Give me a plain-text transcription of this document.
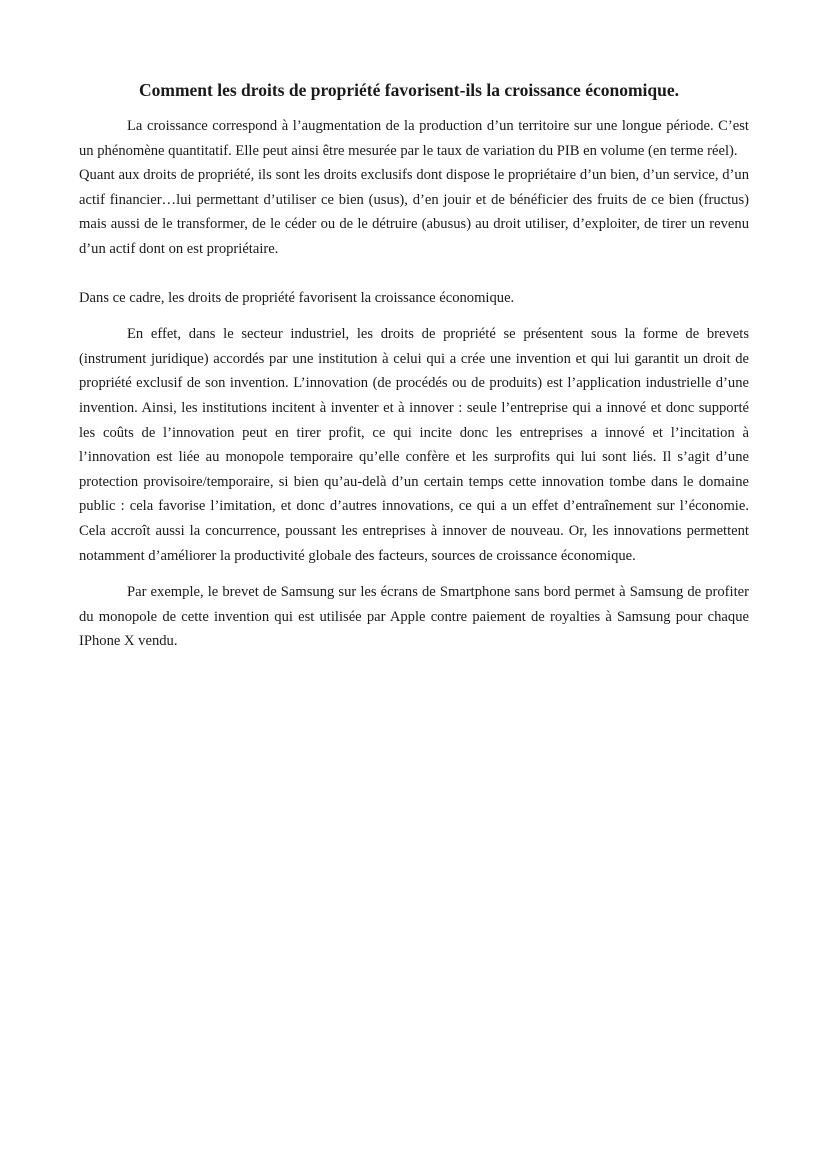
Comment les droits de propriété favorisent-ils la croissance économique.

La croissance correspond à l’augmentation de la production d’un territoire sur une longue période. C’est un phénomène quantitatif. Elle peut ainsi être mesurée par le taux de variation du PIB en volume (en terme réel).

Quant aux droits de propriété, ils sont les droits exclusifs dont dispose le propriétaire d’un bien, d’un service, d’un actif financier…lui permettant d’utiliser ce bien (usus), d’en jouir et de bénéficier des fruits de ce bien (fructus) mais aussi de le transformer, de le céder ou de le détruire (abusus) au droit utiliser, d’exploiter, de tirer un revenu d’un actif dont on est propriétaire.

Dans ce cadre, les droits de propriété favorisent la croissance économique.

En effet, dans le secteur industriel, les droits de propriété se présentent sous la forme de brevets (instrument juridique) accordés par une institution à celui qui a crée une invention et qui lui garantit un droit de propriété exclusif de son invention. L’innovation (de procédés ou de produits) est l’application industrielle d’une invention. Ainsi, les institutions incitent à inventer et à innover : seule l’entreprise qui a innové et donc supporté les coûts de l’innovation peut en tirer profit, ce qui incite donc les entreprises a innové et l’incitation à l’innovation est liée au monopole temporaire qu’elle confère et les surprofits qui lui sont liés. Il s’agit d’une protection provisoire/temporaire, si bien qu’au-delà d’un certain temps cette innovation tombe dans le domaine public : cela favorise l’imitation, et donc d’autres innovations, ce qui a un effet d’entraînement sur l’économie. Cela accroît aussi la concurrence, poussant les entreprises à innover de nouveau. Or, les innovations permettent notamment d’améliorer la productivité globale des facteurs, sources de croissance économique.

Par exemple, le brevet de Samsung sur les écrans de Smartphone sans bord permet à Samsung de profiter du monopole de cette invention qui est utilisée par Apple contre paiement de royalties à Samsung pour chaque IPhone X vendu.
